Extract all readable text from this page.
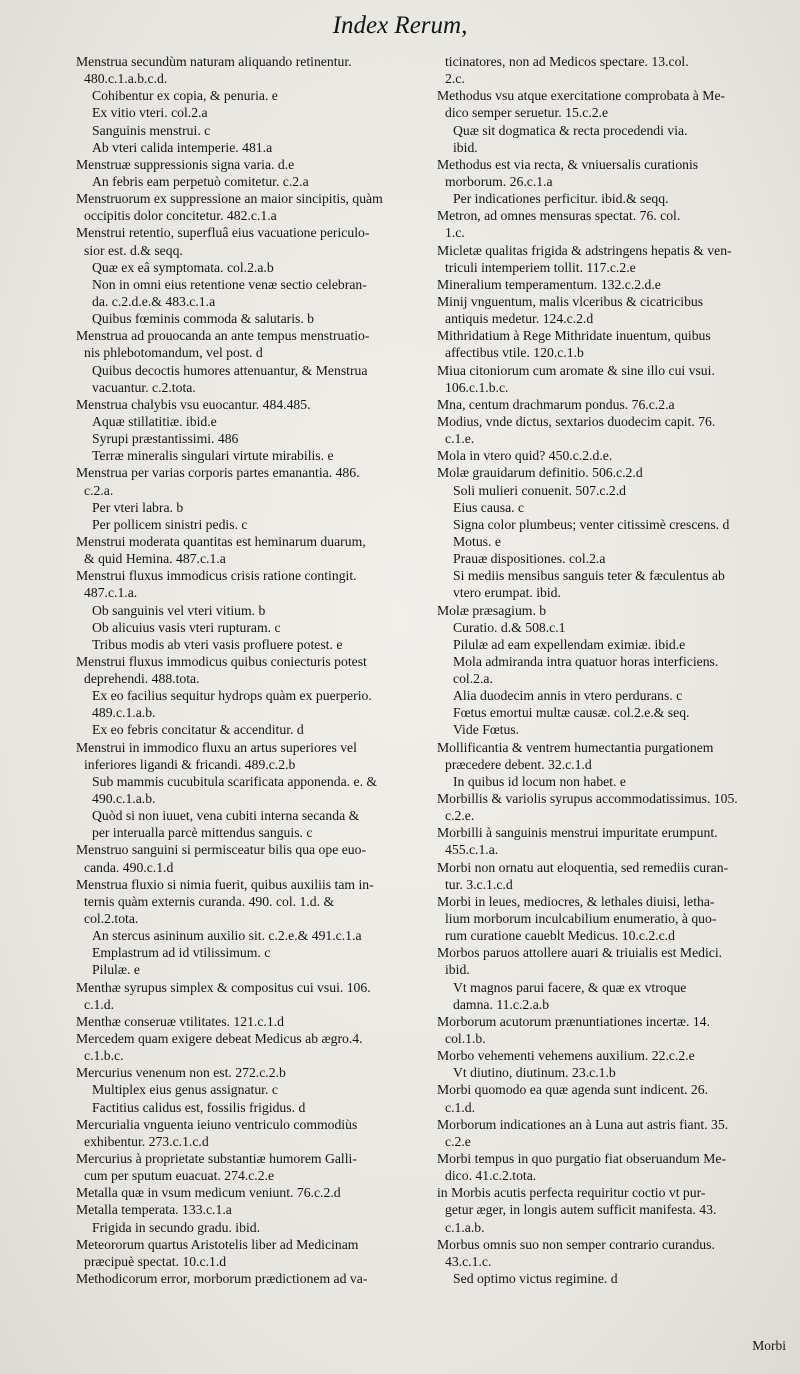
Index Rerum,
Menstrua secundùm naturam aliquando retinentur.
480.c.1.a.b.c.d.
Cohibentur ex copia, & penuria. e
Ex vitio vteri. col.2.a
Sanguinis menstrui. c
Ab vteri calida intemperie. 481.a
Menstruæ suppressionis signa varia. d.e
An febris eam perpetuò comitetur. c.2.a
Menstruorum ex suppressione an maior sincipitis, quàm
occipitis dolor concitetur. 482.c.1.a
Menstrui retentio, superfluâ eius vacuatione periculo-
sior est. d.& seqq.
Quæ ex eâ symptomata. col.2.a.b
Non in omni eius retentione venæ sectio celebran-
da. c.2.d.e.& 483.c.1.a
Quibus fœminis commoda & salutaris. b
Menstrua ad prouocanda an ante tempus menstruatio-
nis phlebotomandum, vel post. d
Quibus decoctis humores attenuantur, & Menstrua
vacuantur. c.2.tota.
Menstrua chalybis vsu euocantur. 484.485.
Aquæ stillatitiæ. ibid.e
Syrupi præstantissimi. 486
Terræ mineralis singulari virtute mirabilis. e
Menstrua per varias corporis partes emanantia. 486.
c.2.a.
Per vteri labra. b
Per pollicem sinistri pedis. c
Menstrui moderata quantitas est heminarum duarum,
& quid Hemina. 487.c.1.a
Menstrui fluxus immodicus crisis ratione contingit.
487.c.1.a.
Ob sanguinis vel vteri vitium. b
Ob alicuius vasis vteri rupturam. c
Tribus modis ab vteri vasis profluere potest. e
Menstrui fluxus immodicus quibus coniecturis potest
deprehendi. 488.tota.
Ex eo facilius sequitur hydrops quàm ex puerperio.
489.c.1.a.b.
Ex eo febris concitatur & accenditur. d
Menstrui in immodico fluxu an artus superiores vel
inferiores ligandi & fricandi. 489.c.2.b
Sub mammis cucubitula scarificata apponenda. e. &
490.c.1.a.b.
Quòd si non iuuet, vena cubiti interna secanda &
per interualla parcè mittendus sanguis. c
Menstruo sanguini si permisceatur bilis qua ope euo-
canda. 490.c.1.d
Menstrua fluxio si nimia fuerit, quibus auxiliis tam in-
ternis quàm externis curanda. 490. col. 1.d. &
col.2.tota.
An stercus asininum auxilio sit. c.2.e.& 491.c.1.a
Emplastrum ad id vtilissimum. c
Pilulæ. e
Menthæ syrupus simplex & compositus cui vsui. 106.
c.1.d.
Menthæ conseruæ vtilitates. 121.c.1.d
Mercedem quam exigere debeat Medicus ab ægro.4.
c.1.b.c.
Mercurius venenum non est. 272.c.2.b
Multiplex eius genus assignatur. c
Factitius calidus est, fossilis frigidus. d
Mercurialia vnguenta ieiuno ventriculo commodiùs
exhibentur. 273.c.1.c.d
Mercurius à proprietate substantiæ humorem Galli-
cum per sputum euacuat. 274.c.2.e
Metalla quæ in vsum medicum veniunt. 76.c.2.d
Metalla temperata. 133.c.1.a
Frigida in secundo gradu. ibid.
Meteororum quartus Aristotelis liber ad Medicinam
præcipuè spectat. 10.c.1.d
Methodicorum error, morborum prædictionem ad va-
ticinatores, non ad Medicos spectare. 13.col.
2.c.
Methodus vsu atque exercitatione comprobata à Me-
dico semper seruetur. 15.c.2.e
Quæ sit dogmatica & recta procedendi via.
ibid.
Methodus est via recta, & vniuersalis curationis
morborum. 26.c.1.a
Per indicationes perficitur. ibid.& seqq.
Metron, ad omnes mensuras spectat. 76. col.
1.c.
Micletæ qualitas frigida & adstringens hepatis & ven-
triculi intemperiem tollit. 117.c.2.e
Mineralium temperamentum. 132.c.2.d.e
Minij vnguentum, malis vlceribus & cicatricibus
antiquis medetur. 124.c.2.d
Mithridatium à Rege Mithridate inuentum, quibus
affectibus vtile. 120.c.1.b
Miua citoniorum cum aromate & sine illo cui vsui.
106.c.1.b.c.
Mna, centum drachmarum pondus. 76.c.2.a
Modius, vnde dictus, sextarios duodecim capit. 76.
c.1.e.
Mola in vtero quid? 450.c.2.d.e.
Molæ grauidarum definitio. 506.c.2.d
Soli mulieri conuenit. 507.c.2.d
Eius causa. c
Signa color plumbeus; venter citissimè crescens. d
Motus. e
Prauæ dispositiones. col.2.a
Si mediis mensibus sanguis teter & fæculentus ab
vtero erumpat. ibid.
Molæ præsagium. b
Curatio. d.& 508.c.1
Pilulæ ad eam expellendam eximiæ. ibid.e
Mola admiranda intra quatuor horas interficiens.
col.2.a.
Alia duodecim annis in vtero perdurans. c
Fœtus emortui multæ causæ. col.2.e.& seq.
Vide Fœtus.
Mollificantia & ventrem humectantia purgationem
præcedere debent. 32.c.1.d
In quibus id locum non habet. e
Morbillis & variolis syrupus accommodatissimus. 105.
c.2.e.
Morbilli à sanguinis menstrui impuritate erumpunt.
455.c.1.a.
Morbi non ornatu aut eloquentia, sed remediis curan-
tur. 3.c.1.c.d
Morbi in leues, mediocres, & lethales diuisi, letha-
lium morborum inculcabilium enumeratio, à quo-
rum curatione caueblt Medicus. 10.c.2.c.d
Morbos paruos attollere auari & triuialis est Medici.
ibid.
Vt magnos parui facere, & quæ ex vtroque
damna. 11.c.2.a.b
Morborum acutorum prænuntiationes incertæ. 14.
col.1.b.
Morbo vehementi vehemens auxilium. 22.c.2.e
Vt diutino, diutinum. 23.c.1.b
Morbi quomodo ea quæ agenda sunt indicent. 26.
c.1.d.
Morborum indicationes an à Luna aut astris fiant. 35.
c.2.e
Morbi tempus in quo purgatio fiat obseruandum Me-
dico. 41.c.2.tota.
in Morbis acutis perfecta requiritur coctio vt pur-
getur æger, in longis autem sufficit manifesta. 43.
c.1.a.b.
Morbus omnis suo non semper contrario curandus.
43.c.1.c.
Sed optimo victus regimine. d
Morbi
